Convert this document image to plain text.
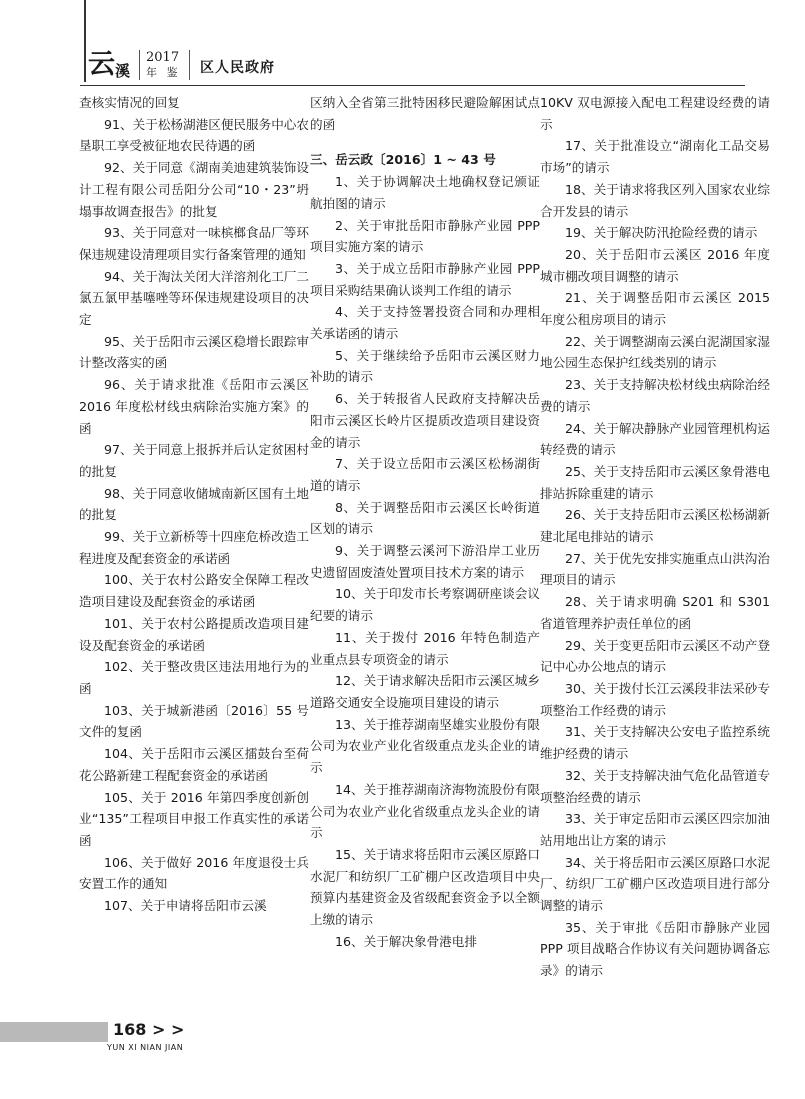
云 溪
2017
年 鉴 区人民政府

查核实情况的回复

91、关于松杨湖港区便民服务中心农垦职工享受被征地农民待遇的函

92、关于同意《湖南美迪建筑装饰设计工程有限公司岳阳分公司“10・23”坍塌事故调查报告》的批复

93、关于同意对一味槟榔食品厂等环保违规建设清理项目实行备案管理的通知

94、关于淘汰关闭大洋溶剂化工厂二氯五氯甲基噻唑等环保违规建设项目的决定

95、关于岳阳市云溪区稳增长跟踪审计整改落实的函

96、关于请求批准《岳阳市云溪区 2016 年度松材线虫病除治实施方案》的函

97、关于同意上报拆并后认定贫困村的批复

98、关于同意收储城南新区国有土地的批复

99、关于立新桥等十四座危桥改造工程进度及配套资金的承诺函

100、关于农村公路安全保障工程改造项目建设及配套资金的承诺函

101、关于农村公路提质改造项目建设及配套资金的承诺函

102、关于整改贵区违法用地行为的函

103、关于城新港函〔2016〕55 号文件的复函

104、关于岳阳市云溪区擂鼓台至荷花公路新建工程配套资金的承诺函

105、关于 2016 年第四季度创新创业“135”工程项目申报工作真实性的承诺函

106、关于做好 2016 年度退役士兵安置工作的通知

107、关于申请将岳阳市云溪

区纳入全省第三批特困移民避险解困试点的函

三、岳云政〔2016〕1 ~ 43 号

1、关于协调解决土地确权登记颁证航拍图的请示

2、关于审批岳阳市静脉产业园 PPP 项目实施方案的请示

3、关于成立岳阳市静脉产业园 PPP 项目采购结果确认谈判工作组的请示

4、关于支持签署投资合同和办理相关承诺函的请示

5、关于继续给予岳阳市云溪区财力补助的请示

6、关于转报省人民政府支持解决岳阳市云溪区长岭片区提质改造项目建设资金的请示

7、关于设立岳阳市云溪区松杨湖街道的请示

8、关于调整岳阳市云溪区长岭街道区划的请示

9、关于调整云溪河下游沿岸工业历史遗留固废渣处置项目技术方案的请示

10、关于印发市长考察调研座谈会议纪要的请示

11、关于拨付 2016 年特色制造产业重点县专项资金的请示

12、关于请求解决岳阳市云溪区城乡道路交通安全设施项目建设的请示

13、关于推荐湖南坚雄实业股份有限公司为农业产业化省级重点龙头企业的请示

14、关于推荐湖南济海物流股份有限公司为农业产业化省级重点龙头企业的请示

15、关于请求将岳阳市云溪区原路口水泥厂和纺织厂工矿棚户区改造项目中央预算内基建资金及省级配套资金予以全额上缴的请示

16、关于解决象骨港电排

10KV 双电源接入配电工程建设经费的请示

17、关于批准设立“湖南化工品交易市场”的请示

18、关于请求将我区列入国家农业综合开发县的请示

19、关于解决防汛抢险经费的请示

20、关于岳阳市云溪区 2016 年度城市棚改项目调整的请示

21、关于调整岳阳市云溪区 2015 年度公租房项目的请示

22、关于调整湖南云溪白泥湖国家湿地公园生态保护红线类别的请示

23、关于支持解决松材线虫病除治经费的请示

24、关于解决静脉产业园管理机构运转经费的请示

25、关于支持岳阳市云溪区象骨港电排站拆除重建的请示

26、关于支持岳阳市云溪区松杨湖新建北尾电排站的请示

27、关于优先安排实施重点山洪沟治理项目的请示

28、关于请求明确 S201 和 S301 省道管理养护责任单位的函

29、关于变更岳阳市云溪区不动产登记中心办公地点的请示

30、关于拨付长江云溪段非法采砂专项整治工作经费的请示

31、关于支持解决公安电子监控系统维护经费的请示

32、关于支持解决油气危化品管道专项整治经费的请示

33、关于审定岳阳市云溪区四宗加油站用地出让方案的请示

34、关于将岳阳市云溪区原路口水泥厂、纺织厂工矿棚户区改造项目进行部分调整的请示

35、关于审批《岳阳市静脉产业园 PPP 项目战略合作协议有关问题协调备忘录》的请示

168 > >
YUN XI NIAN JIAN
